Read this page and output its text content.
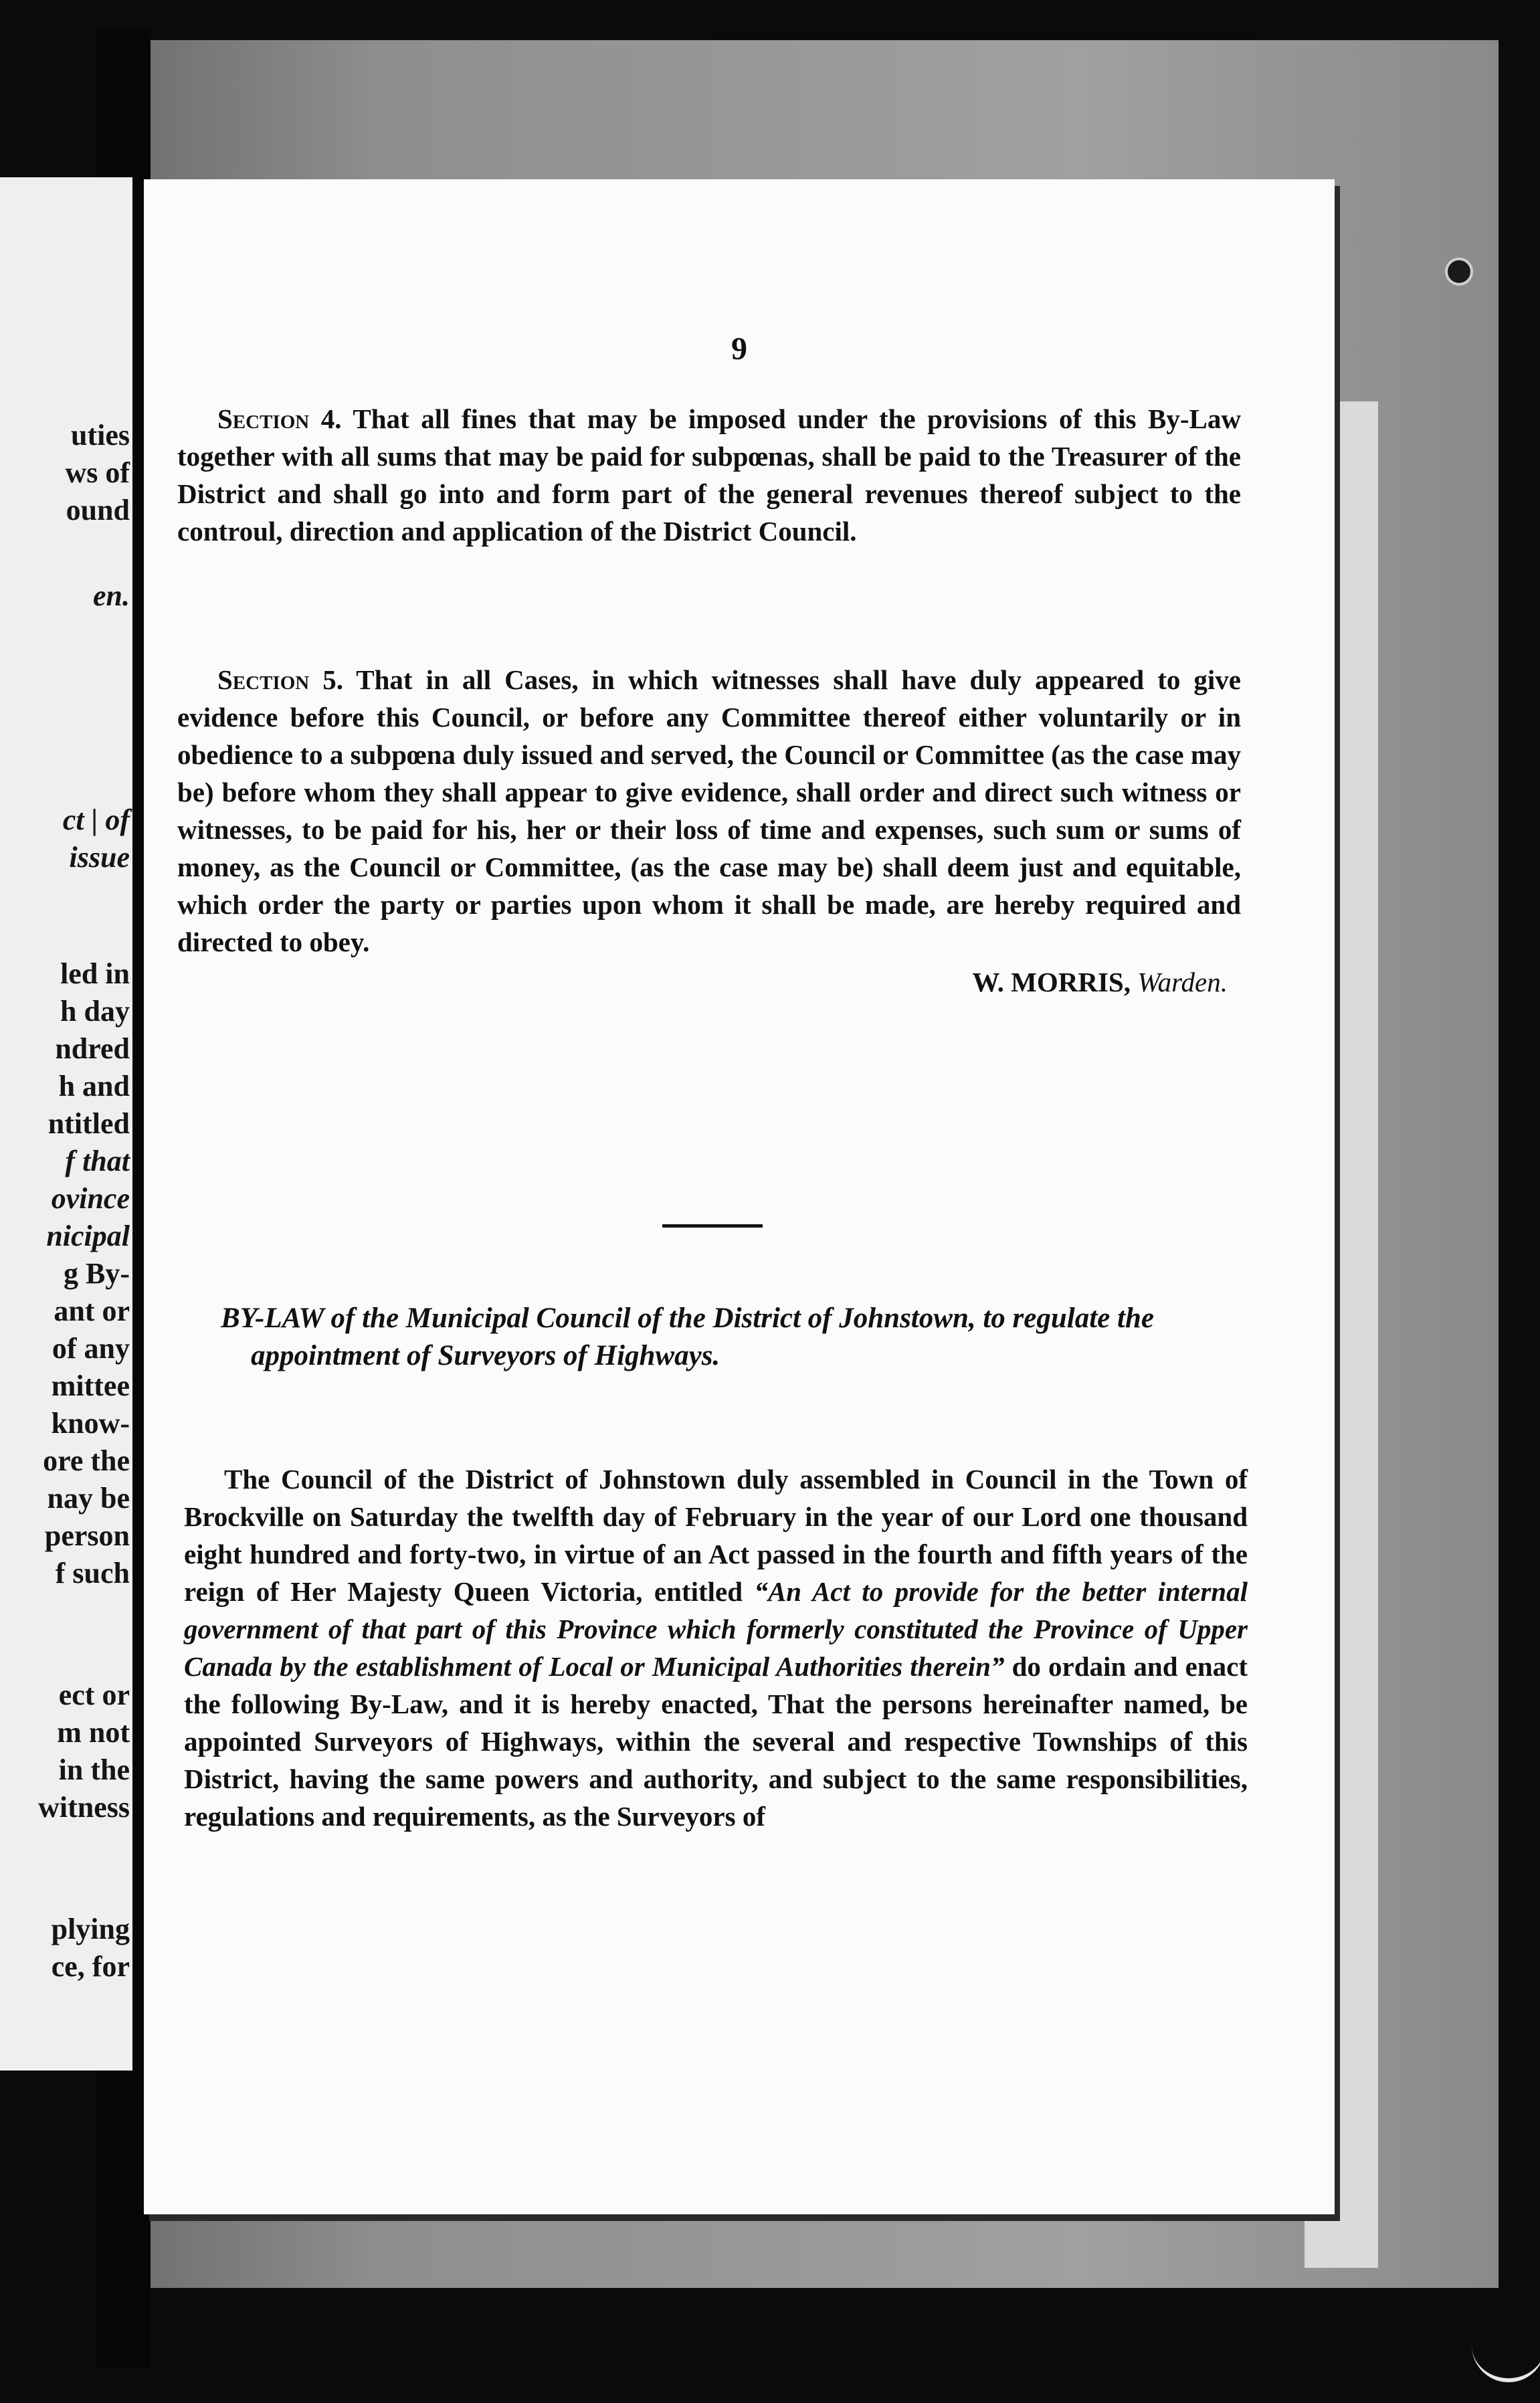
uties

ws of

ound

en.

ct | of

issue

led in

h day

ndred

h and

ntitled

f that

ovince

nicipal

g By-

ant or

of any

mittee

know-

ore the

nay be

person

f such

ect or

m not

in the

witness

plying

ce, for

9

Section 4. That all fines that may be imposed under the provisions of this By-Law together with all sums that may be paid for subpœnas, shall be paid to the Treasurer of the District and shall go into and form part of the general revenues thereof subject to the controul, direction and application of the District Council.

Section 5. That in all Cases, in which witnesses shall have duly appeared to give evidence before this Council, or before any Committee thereof either voluntarily or in obedience to a subpœna duly issued and served, the Council or Committee (as the case may be) before whom they shall appear to give evidence, shall order and direct such witness or witnesses, to be paid for his, her or their loss of time and expenses, such sum or sums of money, as the Council or Committee, (as the case may be) shall deem just and equitable, which order the party or parties upon whom it shall be made, are hereby required and directed to obey.

W. MORRIS, Warden.

BY-LAW of the Municipal Council of the District of Johnstown, to regulate the appointment of Surveyors of Highways.

The Council of the District of Johnstown duly assembled in Council in the Town of Brockville on Saturday the twelfth day of February in the year of our Lord one thousand eight hundred and forty-two, in virtue of an Act passed in the fourth and fifth years of the reign of Her Majesty Queen Victoria, entitled “An Act to provide for the better internal government of that part of this Province which formerly constituted the Province of Upper Canada by the establishment of Local or Municipal Authorities therein” do ordain and enact the following By-Law, and it is hereby enacted, That the persons hereinafter named, be appointed Surveyors of Highways, within the several and respective Townships of this District, having the same powers and authority, and subject to the same responsibilities, regulations and requirements, as the Surveyors of
